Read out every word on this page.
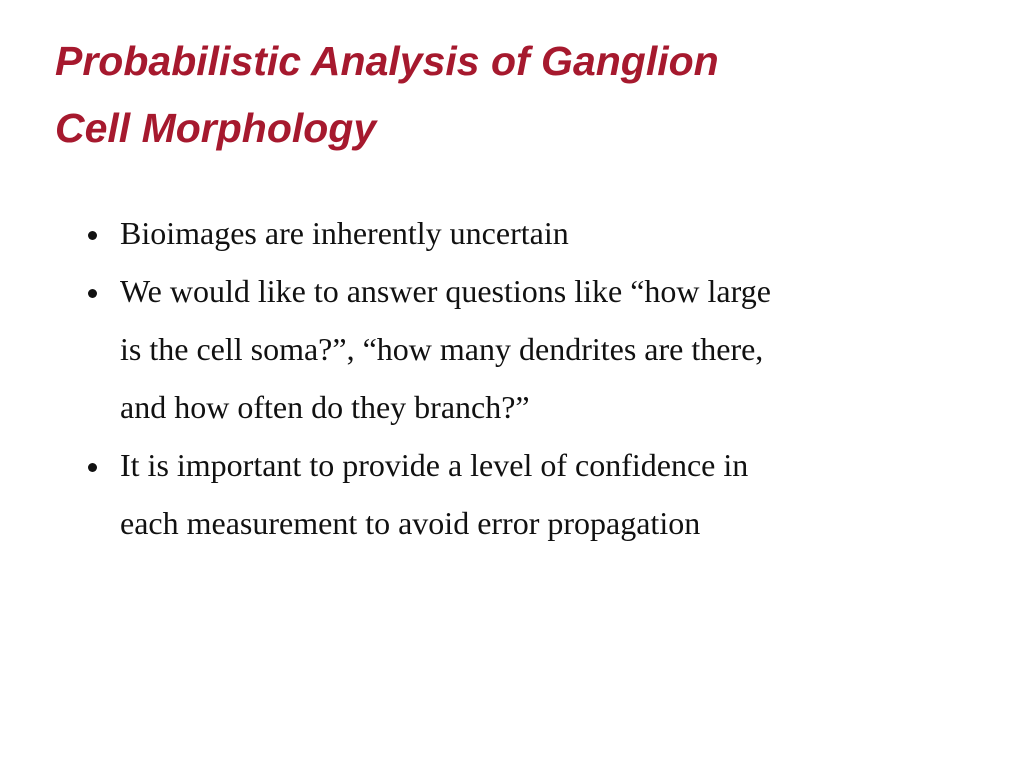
Probabilistic Analysis of Ganglion
Cell Morphology
Bioimages are inherently uncertain
We would like to answer questions like “how large
is the cell soma?”, “how many dendrites are there,
and how often do they branch?”
It is important to provide a level of confidence in
each measurement to avoid error propagation
